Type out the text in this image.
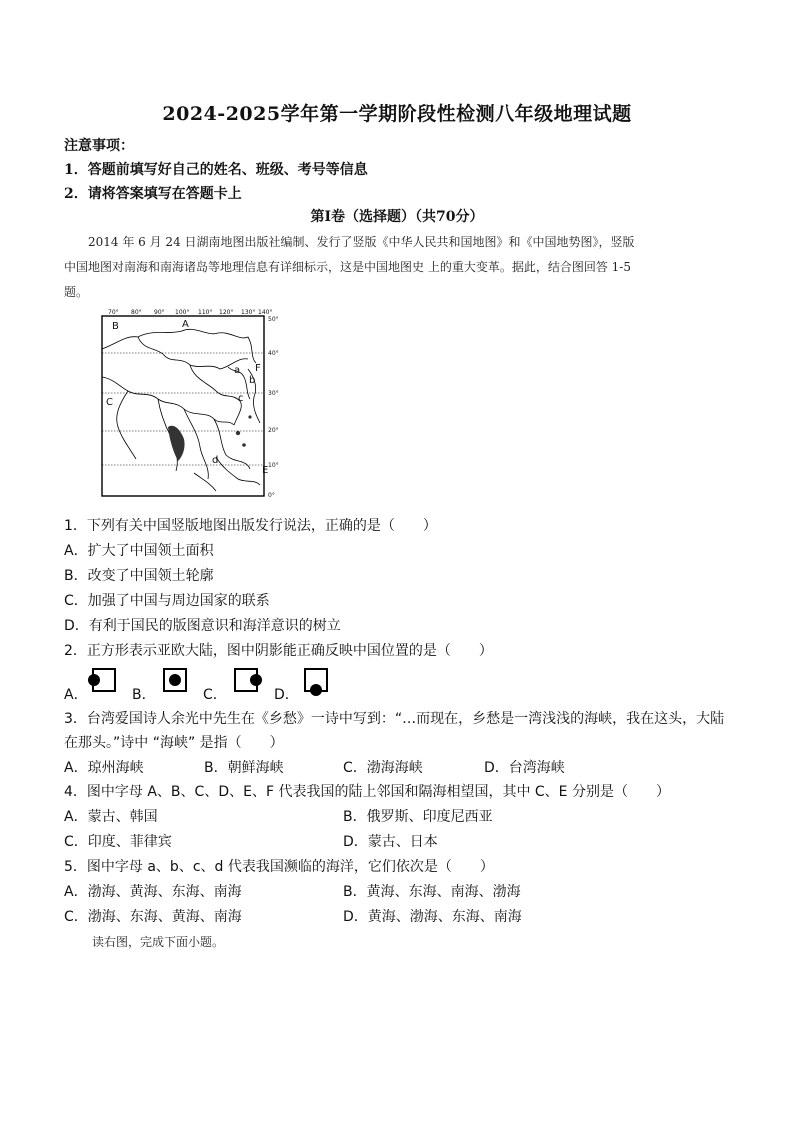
2024-2025学年第一学期阶段性检测八年级地理试题
注意事项：
1．答题前填写好自己的姓名、班级、考号等信息
2．请将答案填写在答题卡上
第Ⅰ卷（选择题）（共70分）
2014 年 6 月 24 日湖南地图出版社编制、发行了竖版《中华人民共和国地图》和《中国地势图》，竖版
中国地图对南海和南海诸岛等地理信息有详细标示，这是中国地图史 上的重大变革。据此，结合图回答 1-5
题。
70° 80° 90° 100° 110° 120° 130° 140°
50°
40°
30°
20°
10°
0°
B	A
F
C
a
b
c
E
d
1．下列有关中国竖版地图出版发行说法，正确的是（　　）
A．扩大了中国领土面积
B．改变了中国领土轮廓
C．加强了中国与周边国家的联系
D．有利于国民的版图意识和海洋意识的树立
2．正方形表示亚欧大陆，图中阴影能正确反映中国位置的是（　　）
A．	B．	C．	D．
3．台湾爱国诗人余光中先生在《乡愁》一诗中写到：“…而现在，乡愁是一湾浅浅的海峡，我在这头，大陆
在那头。”诗中 “海峡” 是指（　　）
A．琼州海峡	B．朝鲜海峡	C．渤海海峡	D．台湾海峡
4．图中字母 A、B、C、D、E、F 代表我国的陆上邻国和隔海相望国，其中 C、E 分别是（　　）
A．蒙古、韩国	B．俄罗斯、印度尼西亚
C．印度、菲律宾	D．蒙古、日本
5．图中字母 a、b、c、d 代表我国濒临的海洋，它们依次是（　　）
A．渤海、黄海、东海、南海	B．黄海、东海、南海、渤海
C．渤海、东海、黄海、南海	D．黄海、渤海、东海、南海
读右图，完成下面小题。
